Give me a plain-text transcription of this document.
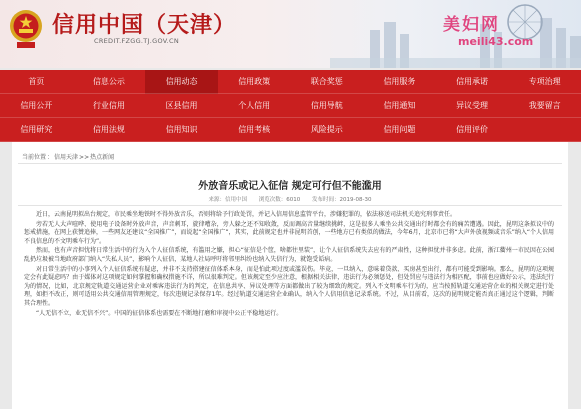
信用中国（天津）
CREDIT.FZGG.TJ.GOV.CN
美妇网
meili43.com
首页	信息公示	信用动态	信用政策	联合奖惩	信用服务	信用承诺	专项治理
信用公开	行业信用	区县信用	个人信用	信用导航	信用通知	异议受理	我要留言
信用研究	信用法规	信用知识	信用考核	风险提示	信用问题	信用评价
当前位置：信用天津>>热点新闻
外放音乐或记入征信 规定可行但不能滥用
来源：信用中国 浏览次数：6010 发布时间：2019-08-30

近日，云南昆明拟出台规定，市民乘坐地铁时不得外放音乐，否则将给予行政处罚，并记入信用信息监管平台，涉嫌犯罪的，依法移送司法机关追究刑事责任。

旁若无人大声喧哗、使用电子设备时外放声音，声音刺耳，旋律嘈杂，旁人躲之还不知收敛，反而调高音量继续挑衅，这是很多人乘坐公共交通出行时都会有的痛苦遭遇。因此，昆明这条拟议中的惩戒措施，在网上获赞追捧，一些网友还建议“全国推广”，而说起“全国推广”，其实，此前规定也并非昆明首创，一些地方已有类似的做法，今年6月，北京市已将“大声外放视频或音乐”纳入“个人信用不良信息的不文明乘车行为”。

然而，也有声音担忧将日常生活中的行为入个人征信系统，有滥用之嫌，担心“征信是个筐，啥都往里装”，让个人征信系统失去应有的严肃性，这种担忧并非多虑。此前，浙江衢州一市民因在公园乱扔垃圾被当地政府部门纳入“失私人员”，影响个人征信，某地人社局呼吁将邻里纠纷也纳入失信行为，就饱受诟病。

对日常生活中的小事列入个人征信系统有疑虑，并非不支持搭建征信体系本身，而是怕此项过度或滥误伤。毕竟，一旦纳入，意味着贷款、买房甚至出行，都有可能受到影响。那么，昆明的这项规定会有此疑虑吗？由于媒体对这项规定如何掌握和确权措施不详，所以很难判定。但该规定至少应注意，根据相关法律，违法行为必须惩处，但处罚应与违法行为相匹配，事前也应做好公示，违法纪行为的情况，比如，北京规定轨道交通运营企业对乘客违法行为的判定，在信息共享、异议处理等方面都做出了较为细致的规定。列入不文明乘车行为的，应当按照轨道交通运营企业的相关规定进行处理，如拒不改正，则可适用公共交通信用管理规定，每次违规记录保存1年。经过轨道交通运营企业确认，纳入个人信用信息记录系统。不过，从目前看，这次的昆明规定能否真正通过这个逻辑，判断其合理性。

“人无信不立，业无信不兴”。中国的征信体系也需要在不断地打磨和审视中公正平稳地运行。
